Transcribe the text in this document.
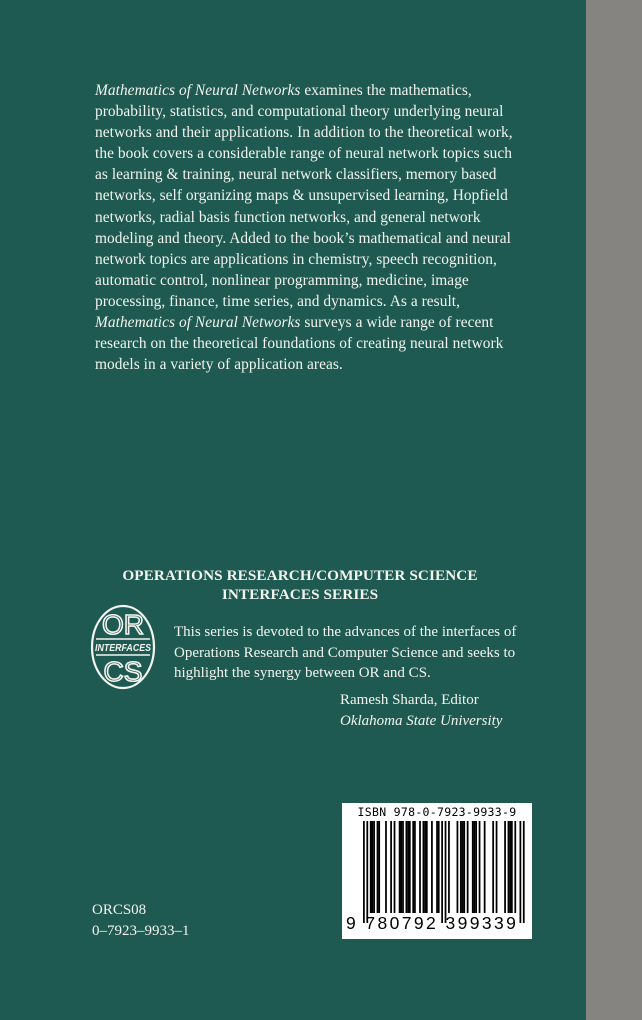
Mathematics of Neural Networks examines the mathematics, probability, statistics, and computational theory underlying neural networks and their applications. In addition to the theoretical work, the book covers a considerable range of neural network topics such as learning & training, neural network classifiers, memory based networks, self organizing maps & unsupervised learning, Hopfield networks, radial basis function networks, and general network modeling and theory. Added to the book’s mathematical and neural network topics are applications in chemistry, speech recognition, automatic control, nonlinear programming, medicine, image processing, finance, time series, and dynamics. As a result, Mathematics of Neural Networks surveys a wide range of recent research on the theoretical foundations of creating neural network models in a variety of application areas.
OPERATIONS RESEARCH/COMPUTER SCIENCE
INTERFACES SERIES
OR
INTERFACES
CS
This series is devoted to the advances of the interfaces of Operations Research and Computer Science and seeks to highlight the synergy between OR and CS.
Ramesh Sharda, Editor
Oklahoma State University
ISBN 978-0-7923-9933-9
9 780792 399339
ORCS08
0–7923–9933–1
